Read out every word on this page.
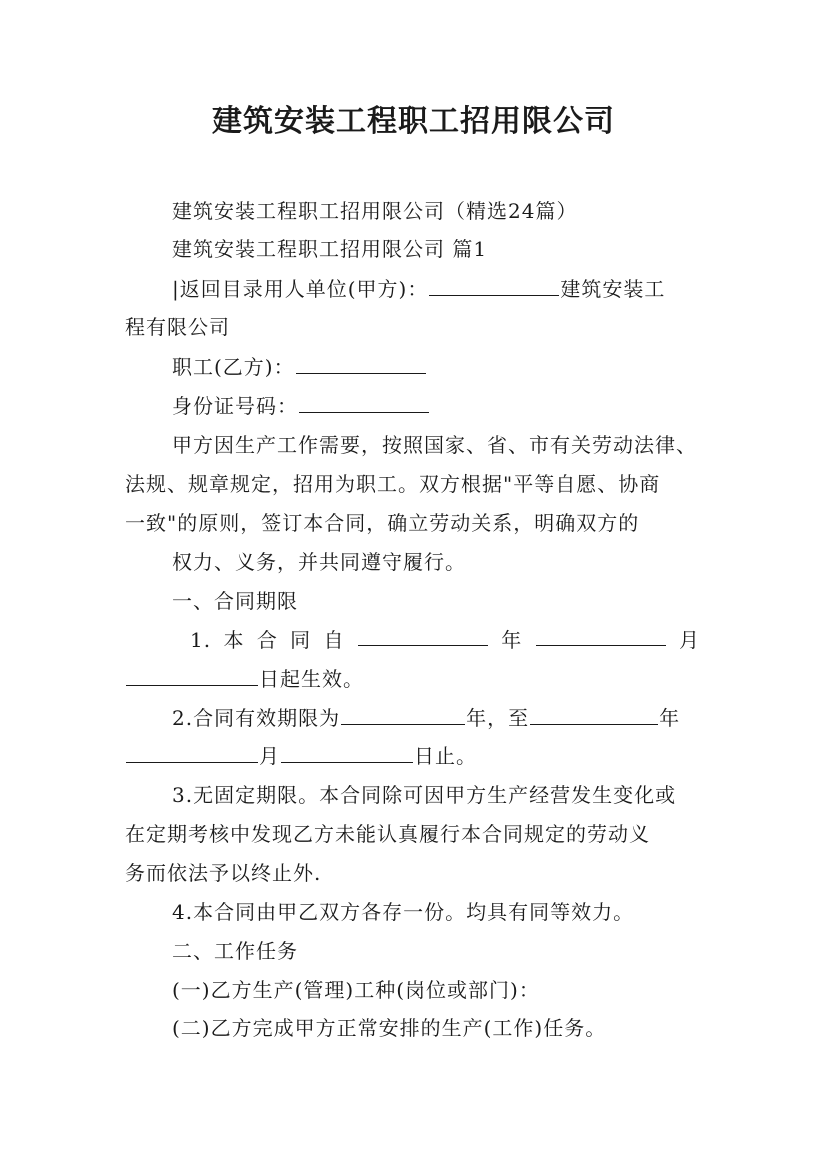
建筑安装工程职工招用限公司
建筑安装工程职工招用限公司（精选24篇）
建筑安装工程职工招用限公司 篇1
|返回目录用人单位(甲方)：	建筑安装工
程有限公司
职工(乙方)：
身份证号码：
甲方因生产工作需要，按照国家、省、市有关劳动法律、
法规、规章规定，招用为职工。双方根据"平等自愿、协商
一致"的原则，签订本合同，确立劳动关系，明确双方的
权力、义务，并共同遵守履行。
一、合同期限
1. 本 合 同 自	年	月
日起生效。
2.合同有效期限为	年，至	年
月	日止。
3.无固定期限。本合同除可因甲方生产经营发生变化或
在定期考核中发现乙方未能认真履行本合同规定的劳动义
务而依法予以终止外.
4.本合同由甲乙双方各存一份。均具有同等效力。
二、工作任务
(一)乙方生产(管理)工种(岗位或部门)：
(二)乙方完成甲方正常安排的生产(工作)任务。
